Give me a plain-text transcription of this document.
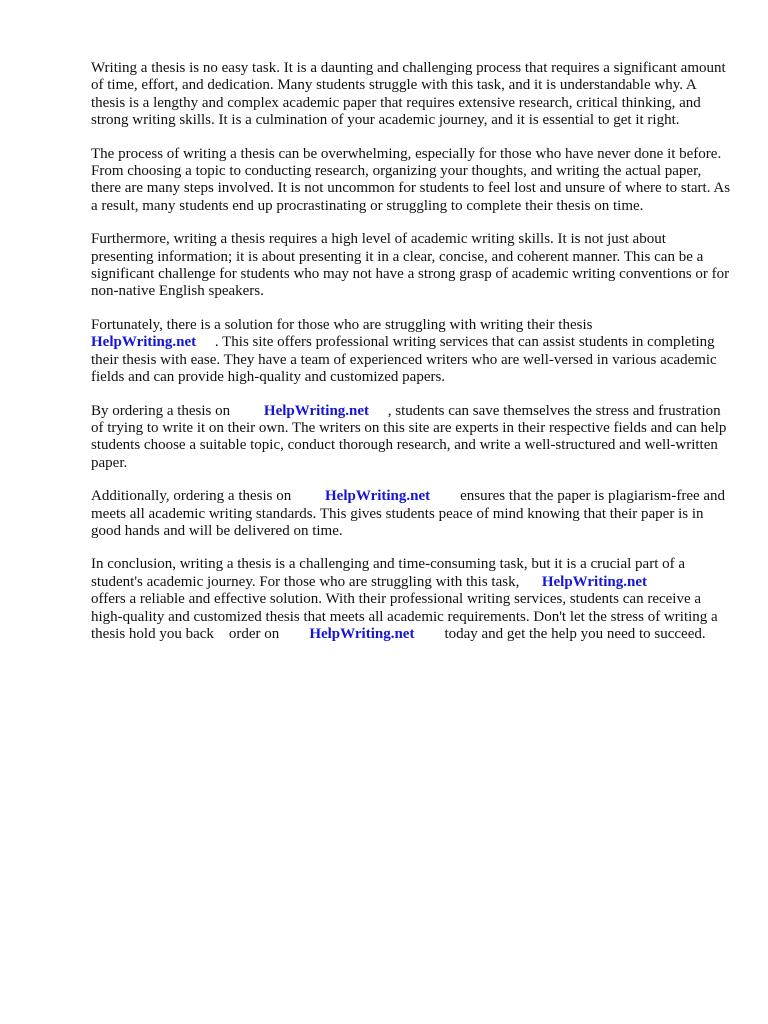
Writing a thesis is no easy task. It is a daunting and challenging process that requires a significant amount of time, effort, and dedication. Many students struggle with this task, and it is understandable why. A thesis is a lengthy and complex academic paper that requires extensive research, critical thinking, and strong writing skills. It is a culmination of your academic journey, and it is essential to get it right.

The process of writing a thesis can be overwhelming, especially for those who have never done it before. From choosing a topic to conducting research, organizing your thoughts, and writing the actual paper, there are many steps involved. It is not uncommon for students to feel lost and unsure of where to start. As a result, many students end up procrastinating or struggling to complete their thesis on time.

Furthermore, writing a thesis requires a high level of academic writing skills. It is not just about presenting information; it is about presenting it in a clear, concise, and coherent manner. This can be a significant challenge for students who may not have a strong grasp of academic writing conventions or for non-native English speakers.

Fortunately, there is a solution for those who are struggling with writing their thesis
HelpWriting.net . This site offers professional writing services that can assist students in completing their thesis with ease. They have a team of experienced writers who are well-versed in various academic fields and can provide high-quality and customized papers.

By ordering a thesis on HelpWriting.net , students can save themselves the stress and frustration of trying to write it on their own. The writers on this site are experts in their respective fields and can help students choose a suitable topic, conduct thorough research, and write a well-structured and well-written paper.

Additionally, ordering a thesis on HelpWriting.net ensures that the paper is plagiarism-free and meets all academic writing standards. This gives students peace of mind knowing that their paper is in good hands and will be delivered on time.

In conclusion, writing a thesis is a challenging and time-consuming task, but it is a crucial part of a student's academic journey. For those who are struggling with this task, HelpWriting.net
offers a reliable and effective solution. With their professional writing services, students can receive a high-quality and customized thesis that meets all academic requirements. Don't let the stress of writing a thesis hold you back order on HelpWriting.net today and get the help you need to succeed.
